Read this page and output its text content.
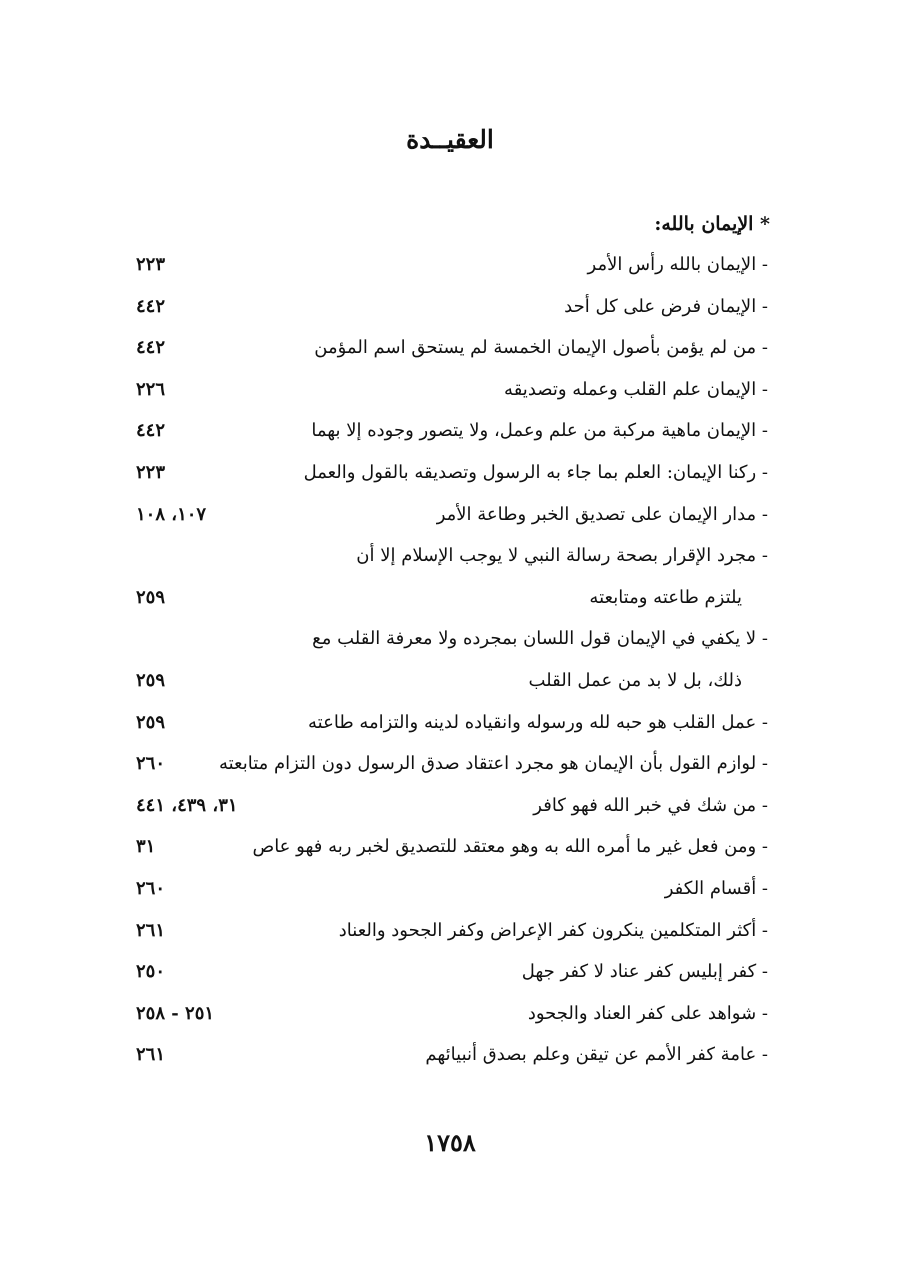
العقيــدة
* الإيمان بالله:
- الإيمان بالله رأس الأمر
٢٢٣
- الإيمان فرض على كل أحد
٤٤٢
- من لم يؤمن بأصول الإيمان الخمسة لم يستحق اسم المؤمن
٤٤٢
- الإيمان علم القلب وعمله وتصديقه
٢٢٦
- الإيمان ماهية مركبة من علم وعمل، ولا يتصور وجوده إلا بهما
٤٤٢
- ركنا الإيمان: العلم بما جاء به الرسول وتصديقه بالقول والعمل
٢٢٣
- مدار الإيمان على تصديق الخبر وطاعة الأمر
١٠٧، ١٠٨
- مجرد الإقرار بصحة رسالة النبي لا يوجب الإسلام إلا أن
يلتزم طاعته ومتابعته
٢٥٩
- لا يكفي في الإيمان قول اللسان بمجرده ولا معرفة القلب مع
ذلك، بل لا بد من عمل القلب
٢٥٩
- عمل القلب هو حبه لله ورسوله وانقياده لدينه والتزامه طاعته
٢٥٩
- لوازم القول بأن الإيمان هو مجرد اعتقاد صدق الرسول دون التزام متابعته
٢٦٠
- من شك في خبر الله فهو كافر
٣١، ٤٣٩، ٤٤١
- ومن فعل غير ما أمره الله به وهو معتقد للتصديق لخبر ربه فهو عاص
٣١
- أقسام الكفر
٢٦٠
- أكثر المتكلمين ينكرون كفر الإعراض وكفر الجحود والعناد
٢٦١
- كفر إبليس كفر عناد لا كفر جهل
٢٥٠
- شواهد على كفر العناد والجحود
٢٥١ - ٢٥٨
- عامة كفر الأمم عن تيقن وعلم بصدق أنبيائهم
٢٦١
١٧٥٨
